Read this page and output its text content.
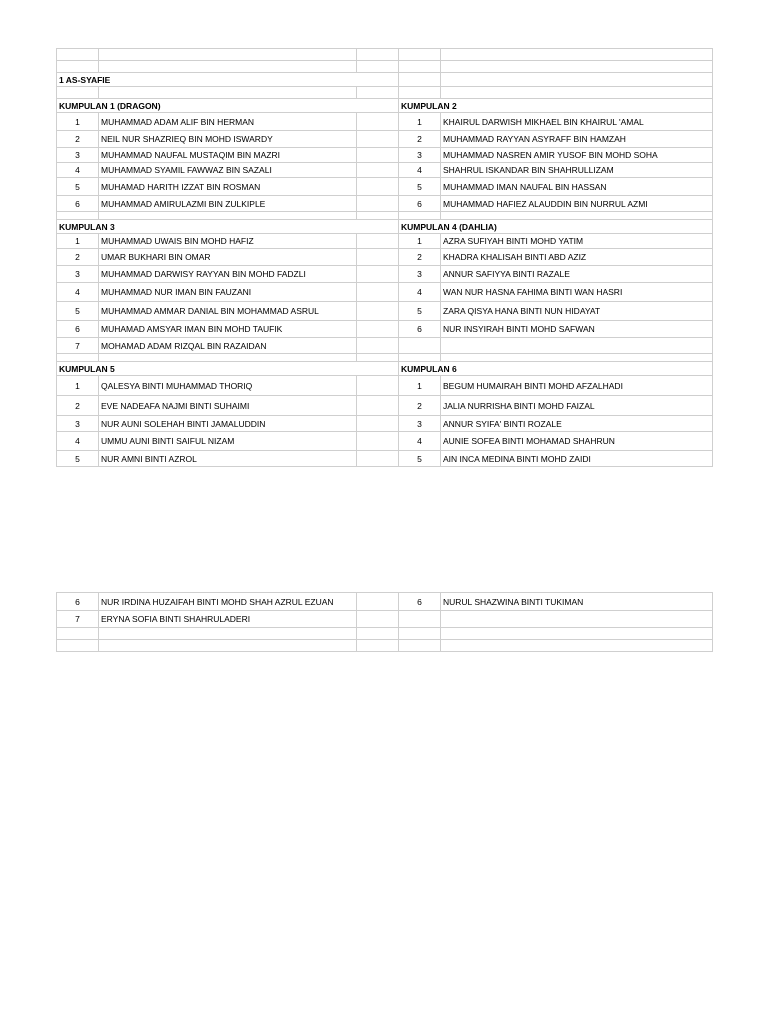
1 AS-SYAFIE				

KUMPULAN 1 (DRAGON)			KUMPULAN 2	
1	MUHAMMAD ADAM ALIF BIN HERMAN		1	KHAIRUL DARWISH MIKHAEL BIN KHAIRUL 'AMAL
2	NEIL NUR SHAZRIEQ BIN MOHD ISWARDY		2	MUHAMMAD RAYYAN ASYRAFF BIN HAMZAH
3	MUHAMMAD NAUFAL MUSTAQIM BIN MAZRI		3	MUHAMMAD NASREN AMIR YUSOF BIN MOHD SOHA
4	MUHAMMAD SYAMIL FAWWAZ BIN SAZALI		4	SHAHRUL ISKANDAR BIN SHAHRULLIZAM
5	MUHAMAD HARITH IZZAT BIN ROSMAN		5	MUHAMMAD IMAN NAUFAL BIN HASSAN
6	MUHAMMAD AMIRULAZMI BIN ZULKIPLE		6	MUHAMMAD HAFIEZ ALAUDDIN BIN NURRUL AZMI

KUMPULAN 3			KUMPULAN 4 (DAHLIA)	
1	MUHAMMAD UWAIS BIN MOHD HAFIZ		1	AZRA SUFIYAH BINTI MOHD YATIM
2	UMAR BUKHARI BIN OMAR		2	KHADRA KHALISAH BINTI ABD AZIZ
3	MUHAMMAD DARWISY RAYYAN BIN MOHD FADZLI		3	ANNUR SAFIYYA BINTI RAZALE
4	MUHAMMAD NUR IMAN BIN FAUZANI		4	WAN NUR HASNA FAHIMA BINTI WAN HASRI
5	MUHAMMAD AMMAR DANIAL BIN MOHAMMAD ASRUL		5	ZARA QISYA HANA BINTI NUN HIDAYAT
6	MUHAMAD AMSYAR IMAN BIN MOHD TAUFIK		6	NUR INSYIRAH BINTI MOHD SAFWAN
7	MOHAMAD ADAM RIZQAL BIN RAZAIDAN			

KUMPULAN 5			KUMPULAN 6	
1	QALESYA BINTI MUHAMMAD THORIQ		1	BEGUM HUMAIRAH BINTI MOHD AFZALHADI
2	EVE NADEAFA NAJMI BINTI SUHAIMI		2	JALIA NURRISHA BINTI MOHD FAIZAL
3	NUR AUNI SOLEHAH BINTI JAMALUDDIN		3	ANNUR SYIFA' BINTI ROZALE
4	UMMU AUNI BINTI SAIFUL NIZAM		4	AUNIE SOFEA BINTI MOHAMAD SHAHRUN
5	NUR AMNI BINTI AZROL		5	AIN INCA MEDINA BINTI MOHD ZAIDI
6	NUR IRDINA HUZAIFAH BINTI MOHD SHAH AZRUL EZUAN		6	NURUL SHAZWINA BINTI TUKIMAN
7	ERYNA SOFIA BINTI SHAHRULADERI			
